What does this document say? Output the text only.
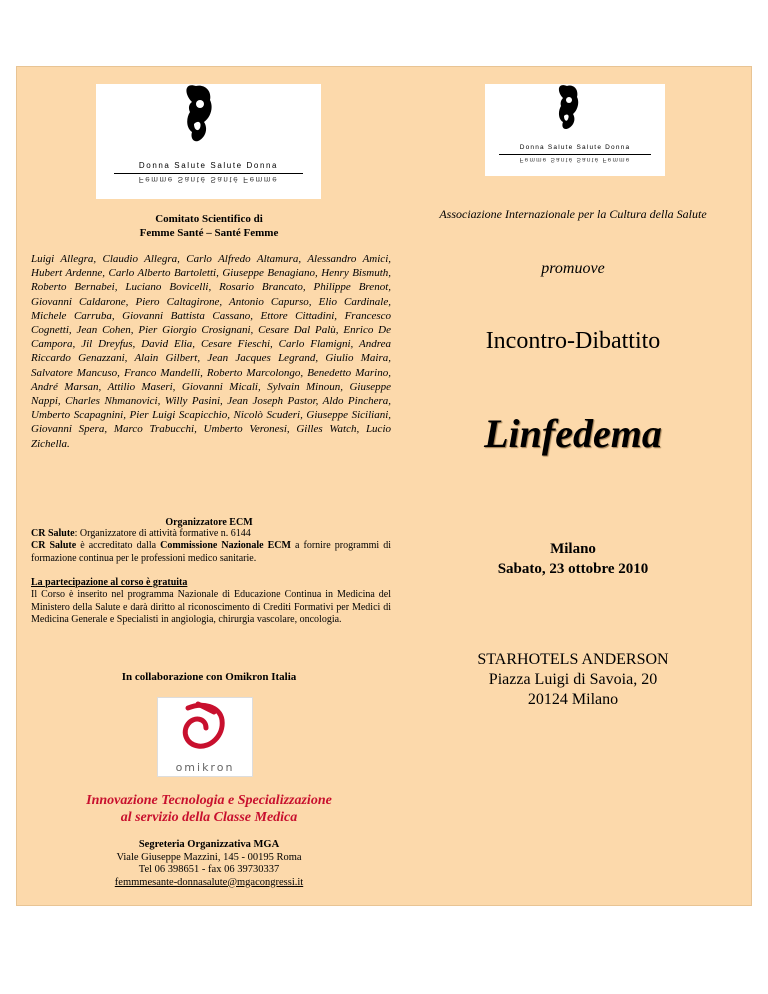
Donna Salute Salute Donna
Femme Santé Santé Femme
Donna Salute Salute Donna
Femme Santé Santé Femme
Comitato Scientifico di
Femme Santé – Santé Femme
Luigi Allegra, Claudio Allegra, Carlo Alfredo Altamura, Alessandro Amici, Hubert Ardenne, Carlo Alberto Bartoletti, Giuseppe Benagiano, Henry Bismuth, Roberto Bernabei, Luciano Bovicelli, Rosario Brancato, Philippe Brenot, Giovanni Caldarone, Piero Caltagirone, Antonio Capurso, Elio Cardinale, Michele Carruba, Giovanni Battista Cassano, Ettore Cittadini, Francesco Cognetti, Jean Cohen, Pier Giorgio Crosignani, Cesare Dal Palù, Enrico De Campora, Jil Dreyfus, David Elia, Cesare Fieschi, Carlo Flamigni, Andrea Riccardo Genazzani, Alain Gilbert, Jean Jacques Legrand, Giulio Maira, Salvatore Mancuso, Franco Mandelli, Roberto Marcolongo, Benedetto Marino, André Marsan, Attilio Maseri, Giovanni Micali, Sylvain Minoun, Giuseppe Nappi, Charles Nhmanovici, Willy Pasini, Jean Joseph Pastor, Aldo Pinchera, Umberto Scapagnini, Pier Luigi Scapicchio, Nicolò Scuderi, Giuseppe Siciliani, Giovanni Spera, Marco Trabucchi, Umberto Veronesi, Gilles Watch, Lucio Zichella.
Organizzatore ECM

CR Salute: Organizzatore di attività formative n. 6144

CR Salute è accreditato dalla Commissione Nazionale ECM a fornire programmi di formazione continua per le professioni medico sanitarie.

La partecipazione al corso è gratuita

Il Corso è inserito nel programma Nazionale di Educazione Continua in Medicina del Ministero della Salute e darà diritto al riconoscimento di Crediti Formativi per Medici di Medicina Generale e Specialisti in angiologia, chirurgia vascolare, oncologia.

In collaborazione con Omikron Italia
omikron
Innovazione Tecnologia e Specializzazione
al servizio della Classe Medica
Segreteria Organizzativa MGA
Viale Giuseppe Mazzini, 145 - 00195 Roma
Tel 06 398651 - fax 06 39730337
femmmesante-donnasalute@mgacongressi.it
Associazione Internazionale per la Cultura della Salute
promuove
Incontro-Dibattito
Linfedema
Milano
Sabato, 23 ottobre 2010
STARHOTELS ANDERSON
Piazza Luigi di Savoia, 20
20124 Milano
